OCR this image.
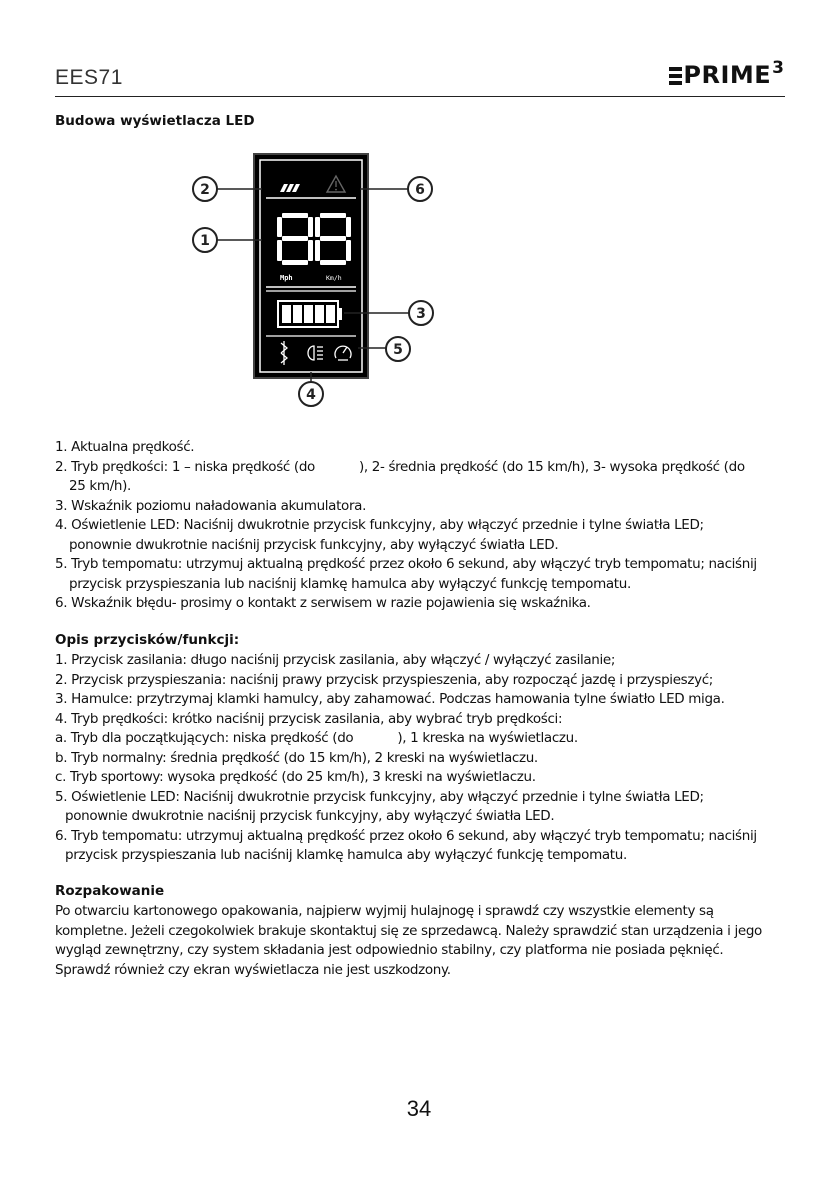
EES71	PRIME 3
Budowa wyświetlacza LED
Mph	Km/h
2
1
6
3
5
4
1. Aktualna prędkość.
2. Tryb prędkości: 1 – niska prędkość (do	), 2- średnia prędkość (do 15 km/h), 3- wysoka prędkość (do
25 km/h).
3. Wskaźnik poziomu naładowania akumulatora.
4. Oświetlenie LED: Naciśnij dwukrotnie przycisk funkcyjny, aby włączyć przednie i tylne światła LED;
ponownie dwukrotnie naciśnij przycisk funkcyjny, aby wyłączyć światła LED.
5. Tryb tempomatu: utrzymuj aktualną prędkość przez około 6 sekund, aby włączyć tryb tempomatu; naciśnij
przycisk przyspieszania lub naciśnij klamkę hamulca aby wyłączyć funkcję tempomatu.
6. Wskaźnik błędu- prosimy o kontakt z serwisem w razie pojawienia się wskaźnika.
Opis przycisków/funkcji:
1. Przycisk zasilania: długo naciśnij przycisk zasilania, aby włączyć / wyłączyć zasilanie;
2. Przycisk przyspieszania: naciśnij prawy przycisk przyspieszenia, aby rozpocząć jazdę i przyspieszyć;
3. Hamulce: przytrzymaj klamki hamulcy, aby zahamować. Podczas hamowania tylne światło LED miga.
4. Tryb prędkości: krótko naciśnij przycisk zasilania, aby wybrać tryb prędkości:
a. Tryb dla początkujących: niska prędkość (do	), 1 kreska na wyświetlaczu.
b. Tryb normalny: średnia prędkość (do 15 km/h), 2 kreski na wyświetlaczu.
c. Tryb sportowy: wysoka prędkość (do 25 km/h), 3 kreski na wyświetlaczu.
5. Oświetlenie LED: Naciśnij dwukrotnie przycisk funkcyjny, aby włączyć przednie i tylne światła LED;
ponownie dwukrotnie naciśnij przycisk funkcyjny, aby wyłączyć światła LED.
6. Tryb tempomatu: utrzymuj aktualną prędkość przez około 6 sekund, aby włączyć tryb tempomatu; naciśnij
przycisk przyspieszania lub naciśnij klamkę hamulca aby wyłączyć funkcję tempomatu.
Rozpakowanie
Po otwarciu kartonowego opakowania, najpierw wyjmij hulajnogę i sprawdź czy wszystkie elementy są
kompletne. Jeżeli czegokolwiek brakuje skontaktuj się ze sprzedawcą. Należy sprawdzić stan urządzenia i jego
wygląd zewnętrzny, czy system składania jest odpowiednio stabilny, czy platforma nie posiada pęknięć.
Sprawdź również czy ekran wyświetlacza nie jest uszkodzony.
34
